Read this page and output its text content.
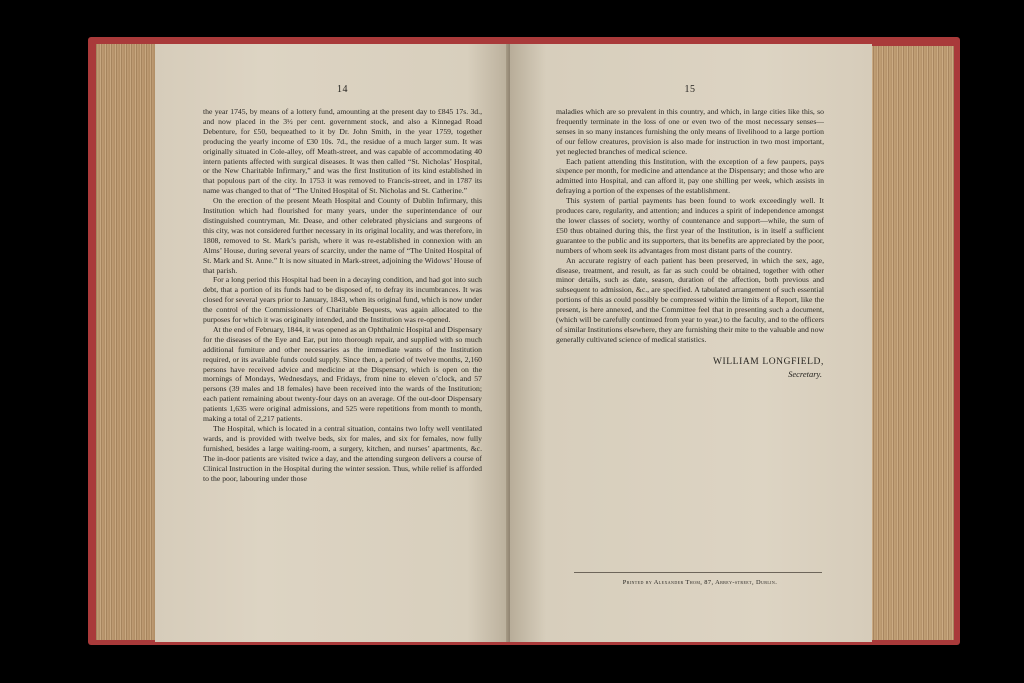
14

the year 1745, by means of a lottery fund, amounting at the present day to £845 17s. 3d., and now placed in the 3½ per cent. government stock, and also a Kinnegad Road Debenture, for £50, bequeathed to it by Dr. John Smith, in the year 1759, together producing the yearly income of £30 10s. 7d., the residue of a much larger sum. It was originally situated in Cole-alley, off Meath-street, and was capable of accommodating 40 intern patients affected with surgical diseases. It was then called “St. Nicholas’ Hospital, or the New Charitable Infirmary,” and was the first Institution of its kind established in that populous part of the city. In 1753 it was removed to Francis-street, and in 1787 its name was changed to that of “The United Hospital of St. Nicholas and St. Catherine.”

On the erection of the present Meath Hospital and County of Dublin Infirmary, this Institution which had flourished for many years, under the superintendance of our distinguished countryman, Mr. Dease, and other celebrated physicians and surgeons of this city, was not considered further necessary in its original locality, and was therefore, in 1808, removed to St. Mark’s parish, where it was re-established in connexion with an Alms’ House, during several years of scarcity, under the name of “The United Hospital of St. Mark and St. Anne.” It is now situated in Mark-street, adjoining the Widows’ House of that parish.

For a long period this Hospital had been in a decaying condition, and had got into such debt, that a portion of its funds had to be disposed of, to defray its incumbrances. It was closed for several years prior to January, 1843, when its original fund, which is now under the control of the Commissioners of Charitable Bequests, was again allocated to the purposes for which it was originally intended, and the Institution was re-opened.

At the end of February, 1844, it was opened as an Ophthalmic Hospital and Dispensary for the diseases of the Eye and Ear, put into thorough repair, and supplied with so much additional furniture and other necessaries as the immediate wants of the Institution required, or its available funds could supply. Since then, a period of twelve months, 2,160 persons have received advice and medicine at the Dispensary, which is open on the mornings of Mondays, Wednesdays, and Fridays, from nine to eleven o’clock, and 57 persons (39 males and 18 females) have been received into the wards of the Institution; each patient remaining about twenty-four days on an average. Of the out-door Dispensary patients 1,635 were original admissions, and 525 were repetitions from month to month, making a total of 2,217 patients.

The Hospital, which is located in a central situation, contains two lofty well ventilated wards, and is provided with twelve beds, six for males, and six for females, now fully furnished, besides a large waiting-room, a surgery, kitchen, and nurses’ apartments, &c. The in-door patients are visited twice a day, and the attending surgeon delivers a course of Clinical Instruction in the Hospital during the winter session. Thus, while relief is afforded to the poor, labouring under those

15

maladies which are so prevalent in this country, and which, in large cities like this, so frequently terminate in the loss of one or even two of the most necessary senses—senses in so many instances furnishing the only means of livelihood to a large portion of our fellow creatures, provision is also made for instruction in two most important, yet neglected branches of medical science.

Each patient attending this Institution, with the exception of a few paupers, pays sixpence per month, for medicine and attendance at the Dispensary; and those who are admitted into Hospital, and can afford it, pay one shilling per week, which assists in defraying a portion of the expenses of the establishment.

This system of partial payments has been found to work exceedingly well. It produces care, regularity, and attention; and induces a spirit of independence amongst the lower classes of society, worthy of countenance and support—while, the sum of £50 thus obtained during this, the first year of the Institution, is in itself a sufficient guarantee to the public and its supporters, that its benefits are appreciated by the poor, numbers of whom seek its advantages from most distant parts of the country.

An accurate registry of each patient has been preserved, in which the sex, age, disease, treatment, and result, as far as such could be obtained, together with other minor details, such as date, season, duration of the affection, both previous and subsequent to admission, &c., are specified. A tabulated arrangement of such essential portions of this as could possibly be compressed within the limits of a Report, like the present, is here annexed, and the Committee feel that in presenting such a document, (which will be carefully continued from year to year,) to the faculty, and to the officers of similar Institutions elsewhere, they are furnishing their mite to the valuable and now generally cultivated science of medical statistics.

WILLIAM LONGFIELD,
Secretary.
Printed by Alexander Thom, 87, Abbey-street, Dublin.
